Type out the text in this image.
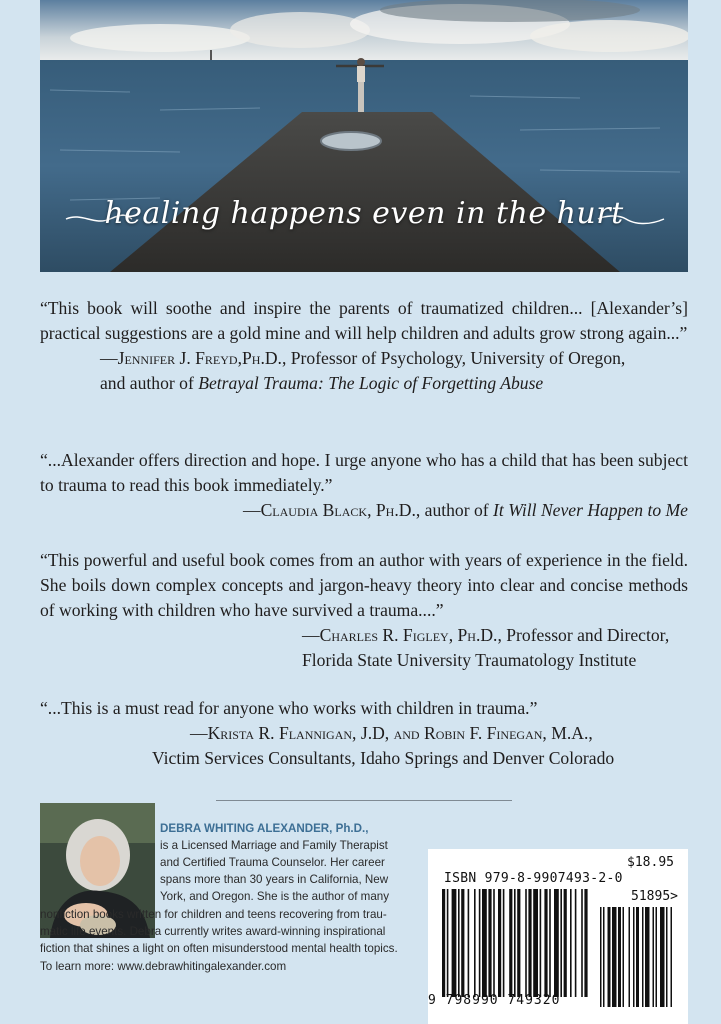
healing happens even in the hurt

“This book will soothe and inspire the parents of traumatized children... [Alexander’s] practical suggestions are a gold mine and will help children and adults grow strong again...”

—Jennifer J. Freyd,Ph.D., Professor of Psychology, University of Oregon,

and author of Betrayal Trauma: The Logic of Forgetting Abuse

“...Alexander offers direction and hope. I urge anyone who has a child that has been subject to trauma to read this book immediately.”

—Claudia Black, Ph.D., author of It Will Never Happen to Me

“This powerful and useful book comes from an author with years of experience in the field. She boils down complex concepts and jargon-heavy theory into clear and concise methods of working with children who have survived a trauma....”

—Charles R. Figley, Ph.D., Professor and Director,

Florida State University Traumatology Institute

“...This is a must read for anyone who works with children in trauma.”

—Krista R. Flannigan, J.D, and Robin F. Finegan, M.A.,

Victim Services Consultants, Idaho Springs and Denver Colorado

DEBRA WHITING ALEXANDER, Ph.D.,
is a Licensed Marriage and Family Therapist
and Certified Trauma Counselor. Her career
spans more than 30 years in California, New
York, and Oregon. She is the author of many
nonfiction books written for children and teens recovering from trau-
matic life events. Debra currently writes award-winning inspirational
fiction that shines a light on often misunderstood mental health topics.
To learn more: www.debrawhitingalexander.com
$18.95
ISBN 979-8-9907493-2-0
51895>
9 798990 749320
